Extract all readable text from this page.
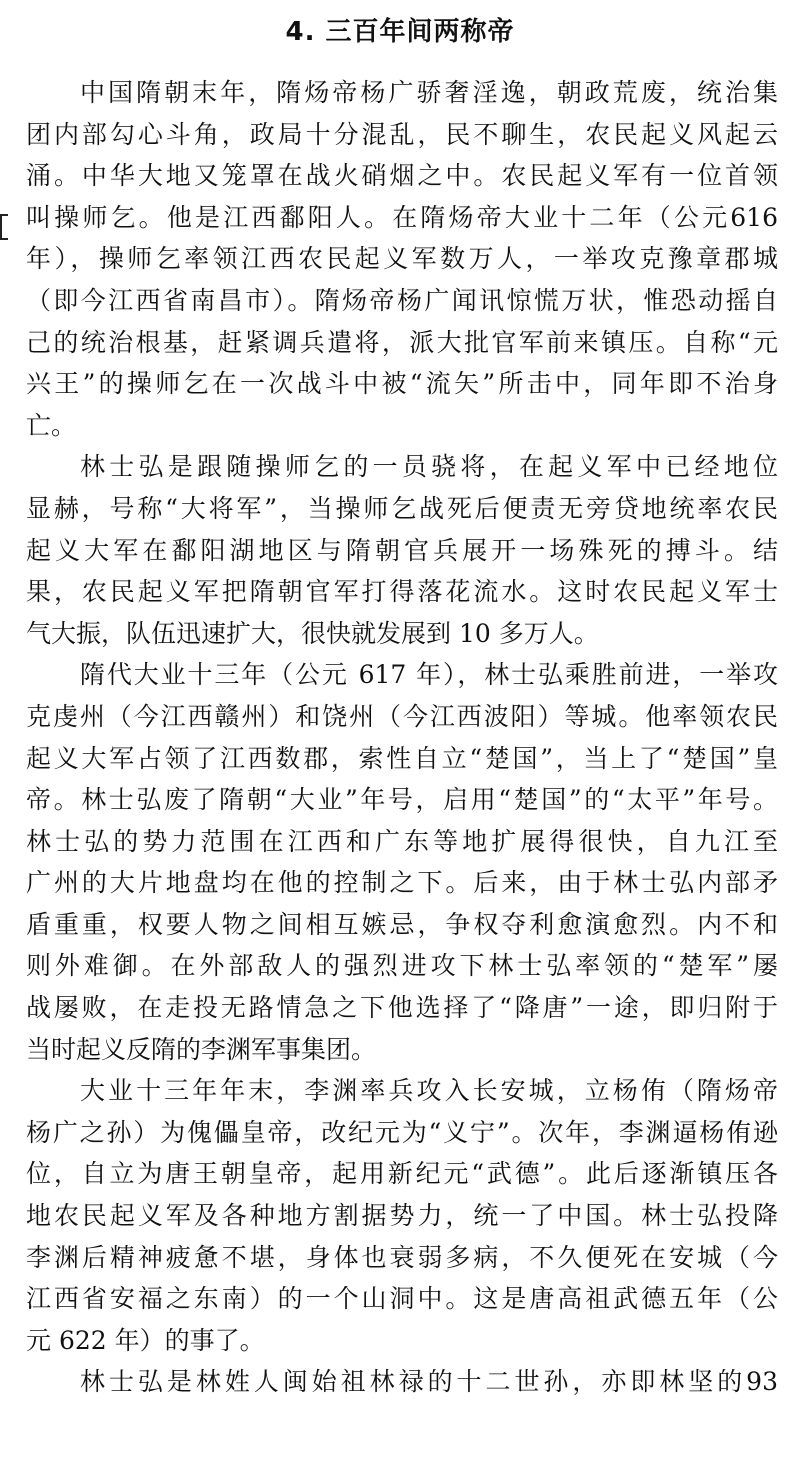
4. 三百年间两称帝
中国隋朝末年，隋炀帝杨广骄奢淫逸，朝政荒废，统治集
团内部勾心斗角，政局十分混乱，民不聊生，农民起义风起云
涌。中华大地又笼罩在战火硝烟之中。农民起义军有一位首领
叫操师乞。他是江西鄱阳人。在隋炀帝大业十二年（公元616
年），操师乞率领江西农民起义军数万人，一举攻克豫章郡城
（即今江西省南昌市）。隋炀帝杨广闻讯惊慌万状，惟恐动摇自
己的统治根基，赶紧调兵遣将，派大批官军前来镇压。自称“元
兴王”的操师乞在一次战斗中被“流矢”所击中，同年即不治身
亡。
林士弘是跟随操师乞的一员骁将，在起义军中已经地位
显赫，号称“大将军”，当操师乞战死后便责无旁贷地统率农民
起义大军在鄱阳湖地区与隋朝官兵展开一场殊死的搏斗。结
果，农民起义军把隋朝官军打得落花流水。这时农民起义军士
气大振，队伍迅速扩大，很快就发展到 10 多万人。
隋代大业十三年（公元 617 年），林士弘乘胜前进，一举攻
克虔州（今江西赣州）和饶州（今江西波阳）等城。他率领农民
起义大军占领了江西数郡，索性自立“楚国”，当上了“楚国”皇
帝。林士弘废了隋朝“大业”年号，启用“楚国”的“太平”年号。
林士弘的势力范围在江西和广东等地扩展得很快，自九江至
广州的大片地盘均在他的控制之下。后来，由于林士弘内部矛
盾重重，权要人物之间相互嫉忌，争权夺利愈演愈烈。内不和
则外难御。在外部敌人的强烈进攻下林士弘率领的“楚军”屡
战屡败，在走投无路情急之下他选择了“降唐”一途，即归附于
当时起义反隋的李渊军事集团。
大业十三年年末，李渊率兵攻入长安城，立杨侑（隋炀帝
杨广之孙）为傀儡皇帝，改纪元为“义宁”。次年，李渊逼杨侑逊
位，自立为唐王朝皇帝，起用新纪元“武德”。此后逐渐镇压各
地农民起义军及各种地方割据势力，统一了中国。林士弘投降
李渊后精神疲惫不堪，身体也衰弱多病，不久便死在安城（今
江西省安福之东南）的一个山洞中。这是唐高祖武德五年（公
元 622 年）的事了。
林士弘是林姓人闽始祖林禄的十二世孙，亦即林坚的93
